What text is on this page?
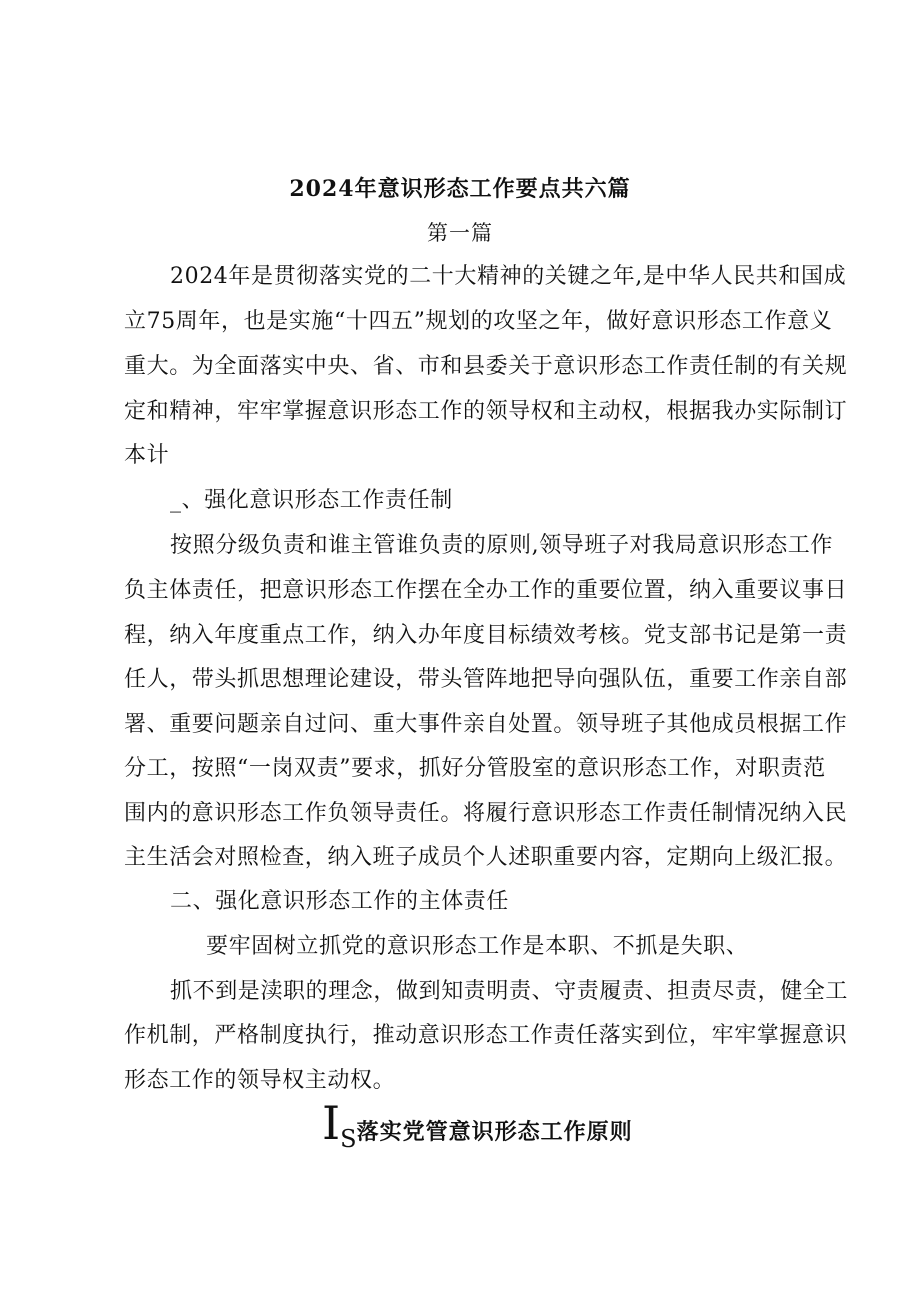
2024年意识形态工作要点共六篇
第一篇
2024年是贯彻落实党的二十大精神的关键之年,是中华人民共和国成
立75周年，也是实施“十四五”规划的攻坚之年，做好意识形态工作意义
重大。为全面落实中央、省、市和县委关于意识形态工作责任制的有关规
定和精神，牢牢掌握意识形态工作的领导权和主动权，根据我办实际制订
本计
_、强化意识形态工作责任制
按照分级负责和谁主管谁负责的原则,领导班子对我局意识形态工作
负主体责任，把意识形态工作摆在全办工作的重要位置，纳入重要议事日
程，纳入年度重点工作，纳入办年度目标绩效考核。党支部书记是第一责
任人，带头抓思想理论建设，带头管阵地把导向强队伍，重要工作亲自部
署、重要问题亲自过问、重大事件亲自处置。领导班子其他成员根据工作
分工，按照“一岗双责”要求，抓好分管股室的意识形态工作，对职责范
围内的意识形态工作负领导责任。将履行意识形态工作责任制情况纳入民
主生活会对照检查，纳入班子成员个人述职重要内容，定期向上级汇报。
二、强化意识形态工作的主体责任
要牢固树立抓党的意识形态工作是本职、不抓是失职、
抓不到是渎职的理念，做到知责明责、守责履责、担责尽责，健全工
作机制，严格制度执行，推动意识形态工作责任落实到位，牢牢掌握意识
形态工作的领导权主动权。
IS落实党管意识形态工作原则
